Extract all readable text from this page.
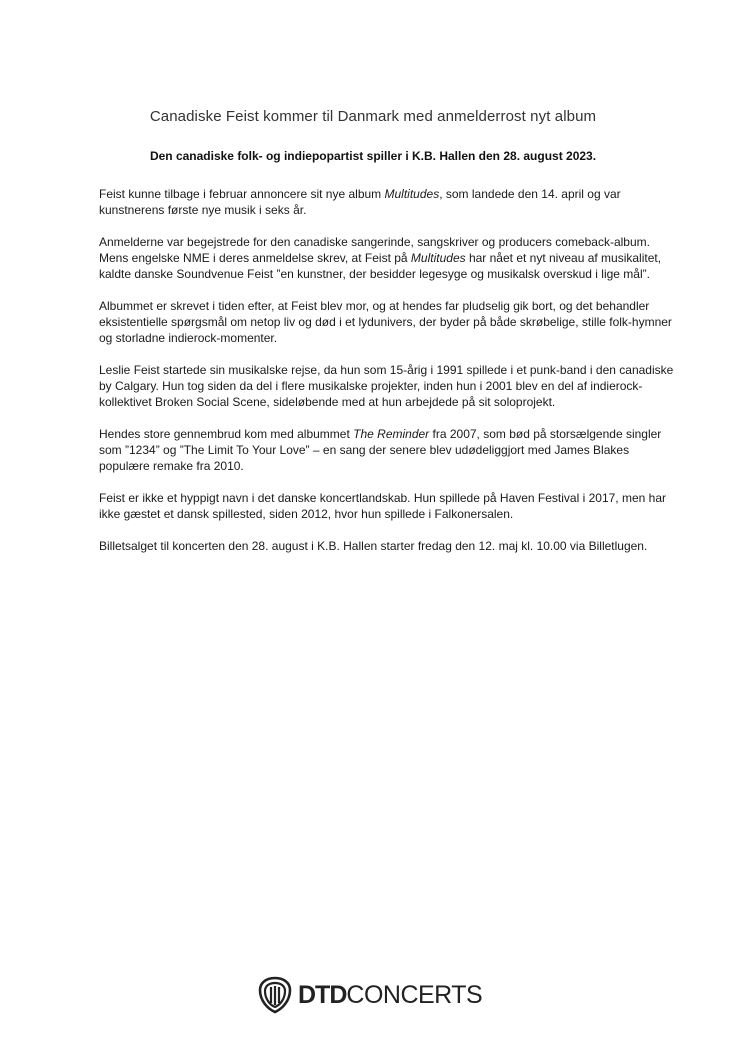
Canadiske Feist kommer til Danmark med anmelderrost nyt album
Den canadiske folk- og indiepopartist spiller i K.B. Hallen den 28. august 2023.

Feist kunne tilbage i februar annoncere sit nye album Multitudes, som landede den 14. april og var kunstnerens første nye musik i seks år.

Anmelderne var begejstrede for den canadiske sangerinde, sangskriver og producers comeback-album. Mens engelske NME i deres anmeldelse skrev, at Feist på Multitudes har nået et nyt niveau af musikalitet, kaldte danske Soundvenue Feist ”en kunstner, der besidder legesyge og musikalsk overskud i lige mål”.

Albummet er skrevet i tiden efter, at Feist blev mor, og at hendes far pludselig gik bort, og det behandler eksistentielle spørgsmål om netop liv og død i et lydunivers, der byder på både skrøbelige, stille folk-hymner og storladne indierock-momenter.

Leslie Feist startede sin musikalske rejse, da hun som 15-årig i 1991 spillede i et punk-band i den canadiske by Calgary. Hun tog siden da del i flere musikalske projekter, inden hun i 2001 blev en del af indierock-kollektivet Broken Social Scene, sideløbende med at hun arbejdede på sit soloprojekt.

Hendes store gennembrud kom med albummet The Reminder fra 2007, som bød på storsælgende singler som ”1234” og ”The Limit To Your Love” – en sang der senere blev udødeliggjort med James Blakes populære remake fra 2010.

Feist er ikke et hyppigt navn i det danske koncertlandskab. Hun spillede på Haven Festival i 2017, men har ikke gæstet et dansk spillested, siden 2012, hvor hun spillede i Falkonersalen.

Billetsalget til koncerten den 28. august i K.B. Hallen starter fredag den 12. maj kl. 10.00 via Billetlugen.

DTDCONCERTS
